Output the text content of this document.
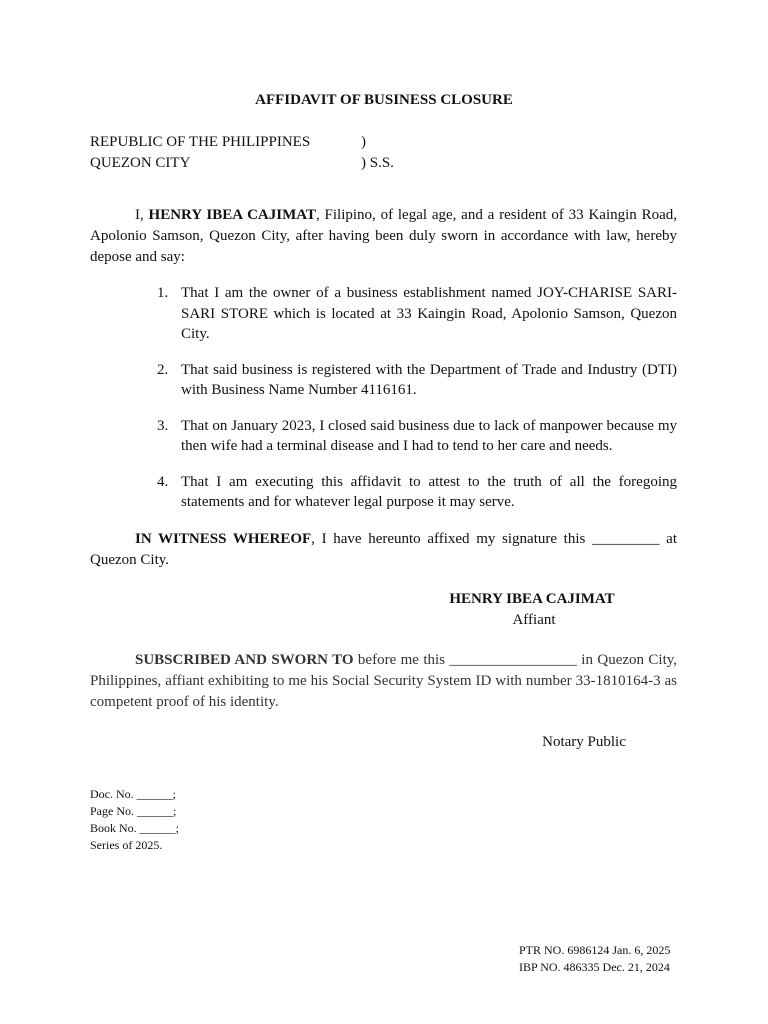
AFFIDAVIT OF BUSINESS CLOSURE
REPUBLIC OF THE PHILIPPINES	)
QUEZON CITY	) S.S.
I, HENRY IBEA CAJIMAT, Filipino, of legal age, and a resident of 33 Kaingin Road, Apolonio Samson, Quezon City, after having been duly sworn in accordance with law, hereby depose and say:
1. That I am the owner of a business establishment named JOY-CHARISE SARI-SARI STORE which is located at 33 Kaingin Road, Apolonio Samson, Quezon City.
2. That said business is registered with the Department of Trade and Industry (DTI) with Business Name Number 4116161.
3. That on January 2023, I closed said business due to lack of manpower because my then wife had a terminal disease and I had to tend to her care and needs.
4. That I am executing this affidavit to attest to the truth of all the foregoing statements and for whatever legal purpose it may serve.
IN WITNESS WHEREOF, I have hereunto affixed my signature this _________ at Quezon City.
HENRY IBEA CAJIMAT
Affiant
SUBSCRIBED AND SWORN TO before me this _________________ in Quezon City, Philippines, affiant exhibiting to me his Social Security System ID with number 33-1810164-3 as competent proof of his identity.
Notary Public
Doc. No. ______;
Page No. ______;
Book No. ______;
Series of 2025.
PTR NO. 6986124 Jan. 6, 2025
IBP NO. 486335 Dec. 21, 2024
